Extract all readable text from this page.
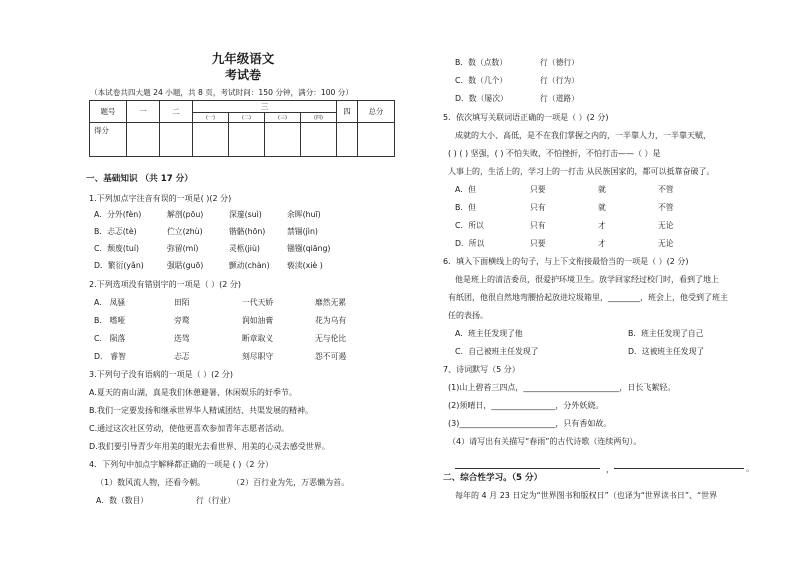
九年级语文
考试卷
（本试卷共四大题 24 小题，共 8 页，考试时间：150 分钟，满分：100 分）
题号	一	二	三				四	总分
			(一)	(二)	(三)	(四)		
得分								
一、基础知识 （共 17 分）
1.下列加点字注音有误的一项是( )(2 分)
A．分外(fèn)	解剖(pōu)	深邃(suì)	余晖(huī)
B．忐忑(tè)	伫立(zhù)	锴骼(hōn)	禁锢(jìn)
C．颓废(tuí)	弥留(mí)	灵柩(jiù)	镪镪(qiāng)
D．繁衍(yǎn)	强聒(guō)	颤动(chàn) 亵渎(xiè )
2.下列选项没有错别字的一项是（ ）(2 分)
A． 凤骚	田陌	一代天娇	靡然无累
B． 嗜哑	旁鹜	润如油膏	花为乌有
C． 陨落	迭驾	断章取义	无与伦比
D． 睿智	忐忑	刻尽职守	怨不可遏
3.下列句子没有语病的一项是（ ）(2 分)
A.夏天的南山湖，真是我们休憩避暑、休闲娱乐的好季节。
B.我们一定要发扬和继承世界华人精诚团结、共渠发展的精神。
C.通过这次社区劳动，使他更喜欢参加青年志愿者活动。
D.我们要引导青少年用美的眼光去看世界、用美的心灵去感受世界。
4．下列句中加点字解释都正确的一项是 ( )（2 分）
（1）数风流人物，还看今朝。	（2）百行业为先，万恶懒为首。
A．数（数目）	行（行业）
B．数（点数）	行（德行）
C．数（几个）	行（行为）
D．数（屡次）	行（道路）
5．依次填写关联词语正确的一项是（ ）(2 分)
成就的大小、高低，是不在我们掌握之内的，一半靠人力，一半靠天赋，
( ) ( ) 坚强，( ) 不怕失败，不怕挫折，不怕打击——（ ）是
人事上的，生活上的，学习上的一打击 从民族国家的，都可以抵靠奋破了。
A．但	只要	就	不管
B．但	只有	就	不管
C．所以	只有	才	无论
D．所以	只要	才	无论
6．填入下面横线上的句子，与上下文衔接最恰当的一项是（ ）(2 分)
他是班上的清洁委员，很爱护环境卫生。放学回家经过校门时，看到了地上
有纸团，他很自然地弯腰拾起放进垃圾箱里，________，班会上，他受到了班主
任的表扬。
A．班主任发现了他	B．班主任发现了自己
C．自己被班主任发现了	D．这被班主任发现了
7、诗词默写（5 分）
(1)山上碧苔三四点，________________________，日长飞絮轻。
(2)须晴日，________________，分外妖娆。
(3)________________________，只有香如故。
（4）请写出有关描写“春雨”的古代诗歌（连续两句）。
，	。
二、综合性学习。（5 分）
每年的 4 月 23 日定为“世界图书和版权日”（也译为“世界读书日”、“世界
